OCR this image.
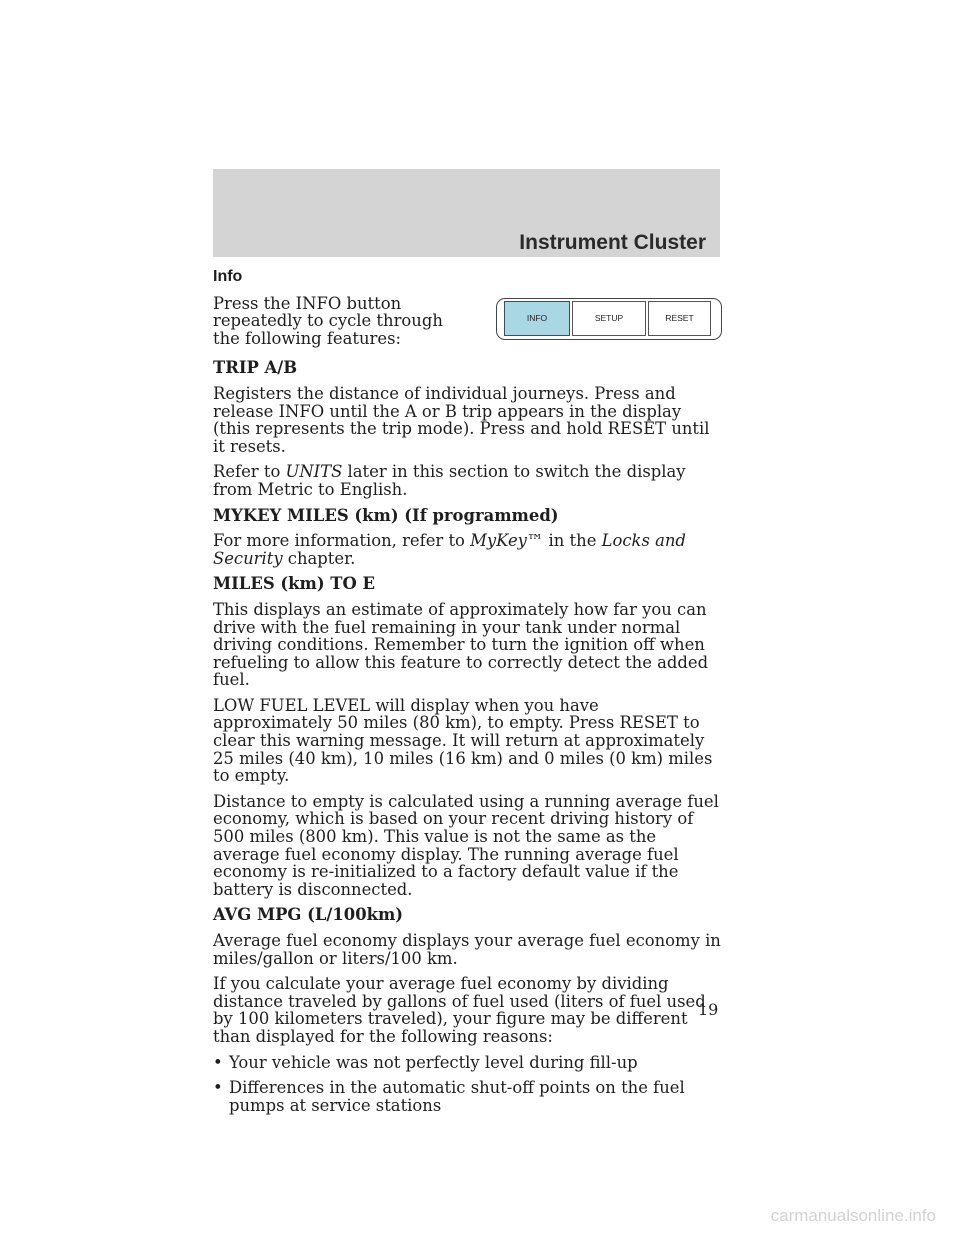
Instrument Cluster

Info

Press the INFO button repeatedly to cycle through the following features:

INFO	SETUP	RESET

TRIP A/B

Registers the distance of individual journeys. Press and release INFO until the A or B trip appears in the display (this represents the trip mode). Press and hold RESET until it resets.

Refer to UNITS later in this section to switch the display from Metric to English.

MYKEY MILES (km) (If programmed)

For more information, refer to MyKey™ in the Locks and Security chapter.

MILES (km) TO E

This displays an estimate of approximately how far you can drive with the fuel remaining in your tank under normal driving conditions. Remember to turn the ignition off when refueling to allow this feature to correctly detect the added fuel.

LOW FUEL LEVEL will display when you have approximately 50 miles (80 km), to empty. Press RESET to clear this warning message. It will return at approximately 25 miles (40 km), 10 miles (16 km) and 0 miles (0 km) miles to empty.

Distance to empty is calculated using a running average fuel economy, which is based on your recent driving history of 500 miles (800 km). This value is not the same as the average fuel economy display. The running average fuel economy is re-initialized to a factory default value if the battery is disconnected.

AVG MPG (L/100km)

Average fuel economy displays your average fuel economy in miles/gallon or liters/100 km.

If you calculate your average fuel economy by dividing distance traveled by gallons of fuel used (liters of fuel used by 100 kilometers traveled), your figure may be different than displayed for the following reasons:

• Your vehicle was not perfectly level during fill-up
• Differences in the automatic shut-off points on the fuel pumps at service stations
19
carmanualsonline.info
